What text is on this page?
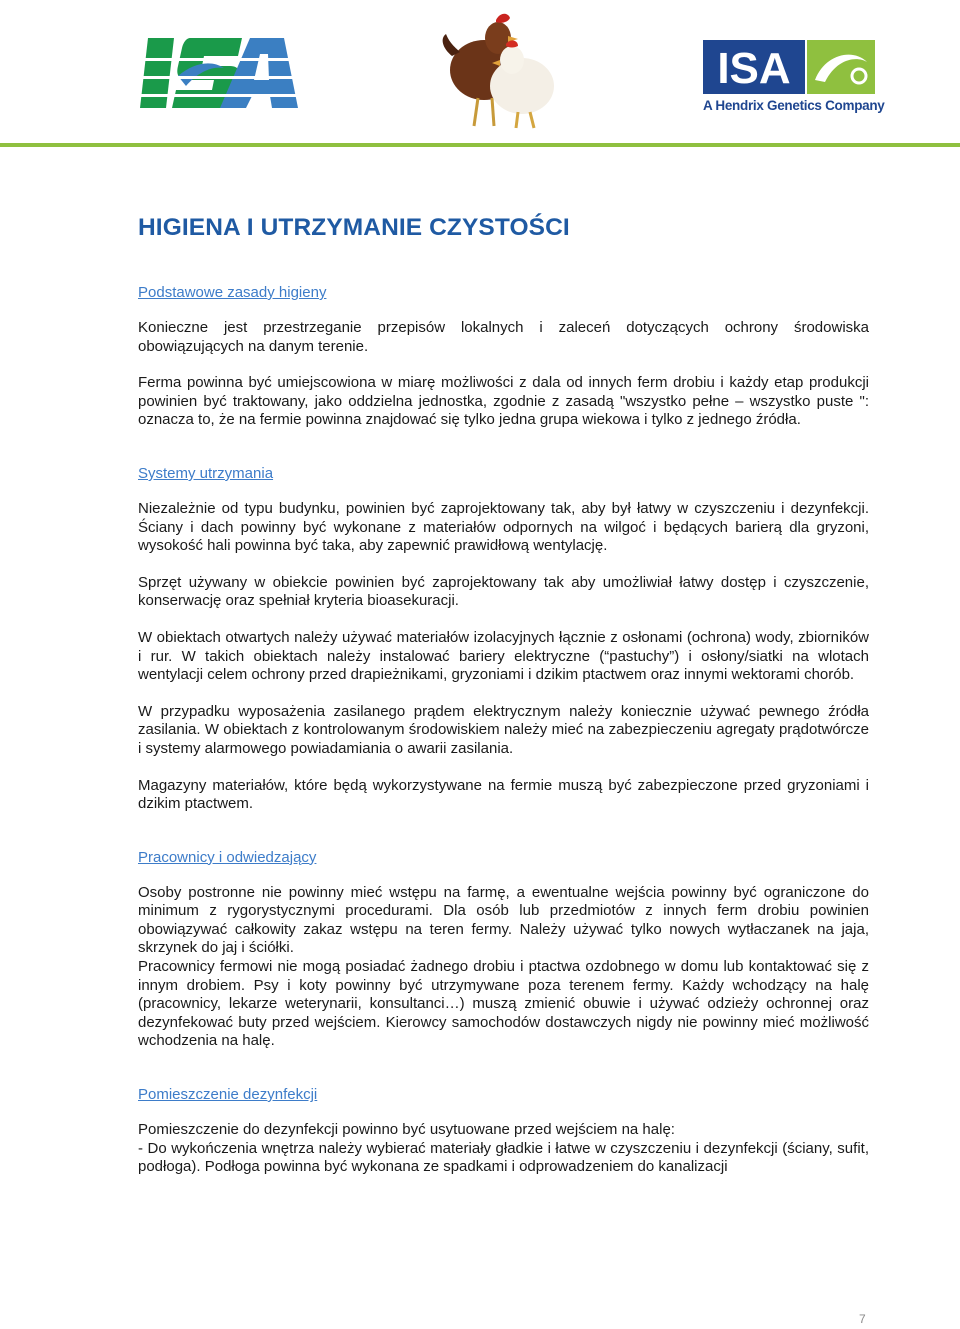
ISA
A Hendrix Genetics Company
HIGIENA I UTRZYMANIE CZYSTOŚCI
Podstawowe zasady higieny

Konieczne jest przestrzeganie przepisów lokalnych i zaleceń dotyczących ochrony środowiska obowiązujących na danym terenie.

Ferma powinna być umiejscowiona w miarę możliwości z dala od innych ferm drobiu i każdy etap produkcji powinien być traktowany, jako oddzielna jednostka, zgodnie z zasadą "wszystko pełne – wszystko puste ": oznacza to, że na fermie powinna znajdować się tylko jedna grupa wiekowa i tylko z jednego źródła.

Systemy utrzymania

Niezależnie od typu budynku, powinien być zaprojektowany tak, aby był łatwy w czyszczeniu i dezynfekcji. Ściany i dach powinny być wykonane z materiałów odpornych na wilgoć i będących barierą dla gryzoni, wysokość hali powinna być taka, aby zapewnić prawidłową wentylację.

Sprzęt używany w obiekcie powinien być zaprojektowany tak aby umożliwiał łatwy dostęp i czyszczenie, konserwację oraz spełniał kryteria bioasekuracji.

W obiektach otwartych należy używać materiałów izolacyjnych łącznie z osłonami (ochrona) wody, zbiorników i rur. W takich obiektach należy instalować bariery elektryczne (“pastuchy”) i osłony/siatki na wlotach wentylacji celem ochrony przed drapieżnikami, gryzoniami i dzikim ptactwem oraz innymi wektorami chorób.

W przypadku wyposażenia zasilanego prądem elektrycznym należy koniecznie używać pewnego źródła zasilania. W obiektach z kontrolowanym środowiskiem należy mieć na zabezpieczeniu agregaty prądotwórcze i systemy alarmowego powiadamiania o awarii zasilania.

Magazyny materiałów, które będą wykorzystywane na fermie muszą być zabezpieczone przed gryzoniami i dzikim ptactwem.

Pracownicy i odwiedzający

Osoby postronne nie powinny mieć wstępu na farmę, a ewentualne wejścia powinny być ograniczone do minimum z rygorystycznymi procedurami. Dla osób lub przedmiotów z innych ferm drobiu powinien obowiązywać całkowity zakaz wstępu na teren fermy. Należy używać tylko nowych wytłaczanek na jaja, skrzynek do jaj i ściółki.

Pracownicy fermowi nie mogą posiadać żadnego drobiu i ptactwa ozdobnego w domu lub kontaktować się z innym drobiem. Psy i koty powinny być utrzymywane poza terenem fermy. Każdy wchodzący na halę (pracownicy, lekarze weterynarii, konsultanci…) muszą zmienić obuwie i używać odzieży ochronnej oraz dezynfekować buty przed wejściem. Kierowcy samochodów dostawczych nigdy nie powinny mieć możliwość wchodzenia na halę.

Pomieszczenie dezynfekcji

Pomieszczenie do dezynfekcji powinno być usytuowane przed wejściem na halę:

- Do wykończenia wnętrza należy wybierać materiały gładkie i łatwe w czyszczeniu i dezynfekcji (ściany, sufit, podłoga). Podłoga powinna być wykonana ze spadkami i odprowadzeniem do kanalizacji

7
